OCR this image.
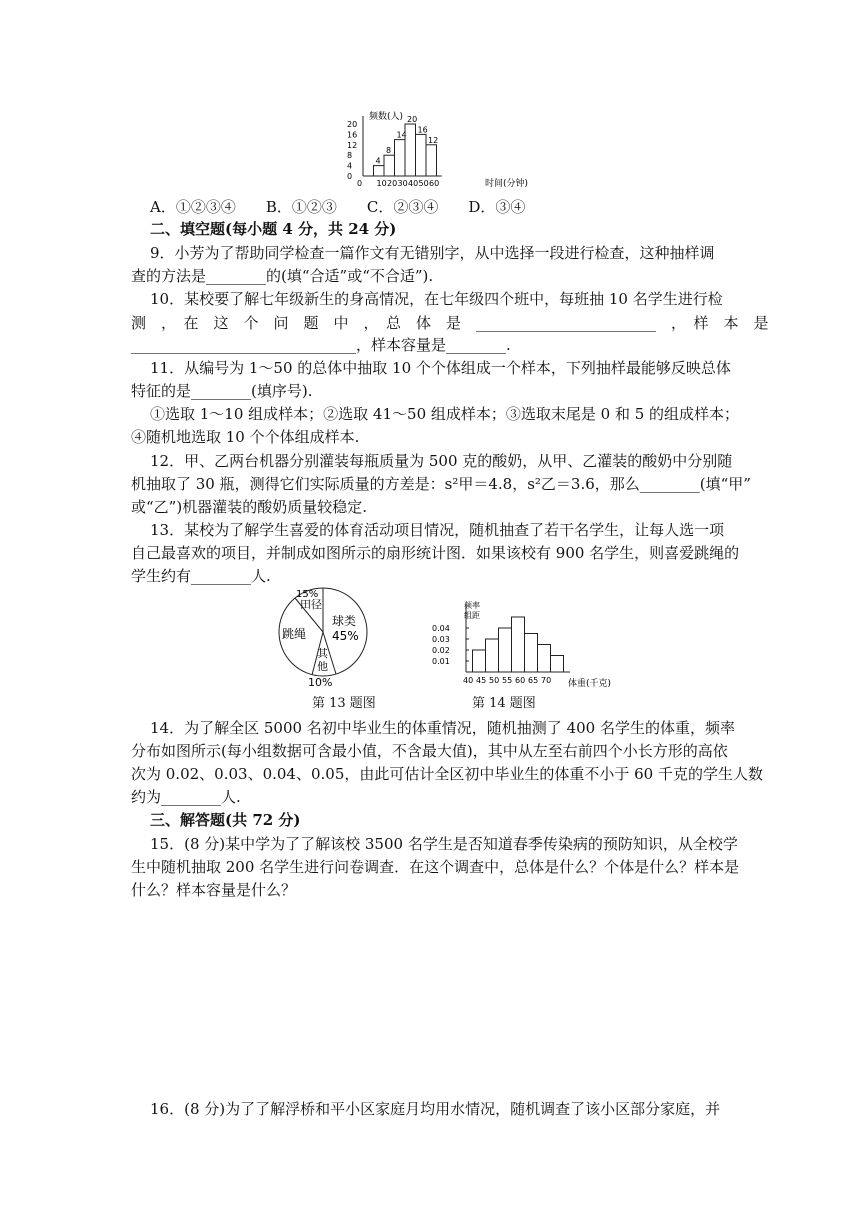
20
16
12
8
4
0
0 10 20 30 40 50 60
4
8
14
20
16
12
频数(人)
时间(分钟)
A．①②③④　　B．①②③　　C．②③④　　D．③④
二、填空题(每小题 4 分，共 24 分)
9．小芳为了帮助同学检查一篇作文有无错别字，从中选择一段进行检查，这种抽样调
查的方法是________的(填“合适”或“不合适”).
10．某校要了解七年级新生的身高情况，在七年级四个班中，每班抽 10 名学生进行检
测　，　在　这　个　问　题　中　，　总　体　是　________________________　，　样　本　是
______________________________，样本容量是________.
11．从编号为 1～50 的总体中抽取 10 个个体组成一个样本，下列抽样最能够反映总体
特征的是________(填序号).
①选取 1～10 组成样本；②选取 41～50 组成样本；③选取末尾是 0 和 5 的组成样本；
④随机地选取 10 个个体组成样本.
12．甲、乙两台机器分别灌装每瓶质量为 500 克的酸奶，从甲、乙灌装的酸奶中分别随
机抽取了 30 瓶，测得它们实际质量的方差是：s²甲＝4.8，s²乙＝3.6，那么________(填“甲”
或“乙”)机器灌装的酸奶质量较稳定.
13．某校为了解学生喜爱的体育活动项目情况，随机抽查了若干名学生，让每人选一项
自己最喜欢的项目，并制成如图所示的扇形统计图．如果该校有 900 名学生，则喜爱跳绳的
学生约有________人.
15%
田径
球类
45%
跳绳
其
他
10%
第 13 题图
0.04
0.03
0.02
0.01
40 45 50 55 60 65 70
频率
组距
体重(千克)
第 14 题图
14．为了解全区 5000 名初中毕业生的体重情况，随机抽测了 400 名学生的体重，频率
分布如图所示(每小组数据可含最小值，不含最大值)，其中从左至右前四个小长方形的高依
次为 0.02、0.03、0.04、0.05，由此可估计全区初中毕业生的体重不小于 60 千克的学生人数
约为________人.
三、解答题(共 72 分)
15．(8 分)某中学为了了解该校 3500 名学生是否知道春季传染病的预防知识，从全校学
生中随机抽取 200 名学生进行问卷调查．在这个调查中，总体是什么？个体是什么？样本是
什么？样本容量是什么？
16．(8 分)为了了解浮桥和平小区家庭月均用水情况，随机调查了该小区部分家庭，并
